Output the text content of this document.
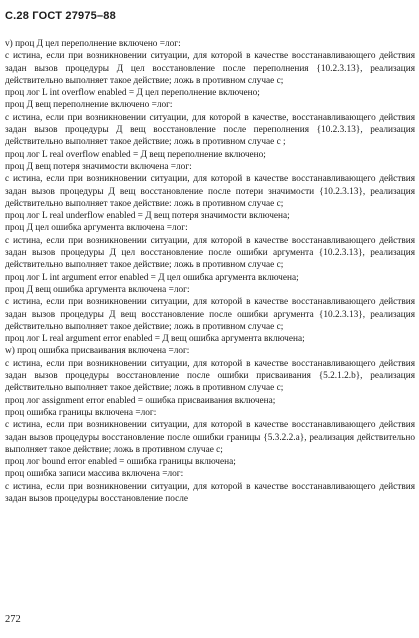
С.28 ГОСТ 27975–88

v) проц Д цел переполнение включено =лог:

с истина, если при возникновении ситуации, для которой в качестве восстанавливающего действия задан вызов процедуры Д цел восстановление после переполнения {10.2.3.13}, реализация действительно выполняет такое действие; ложь в противном случае с;

проц лог L int overflow enabled = Д цел переполнение включено;

проц Д вещ переполнение включено =лог:

с истина, если при возникновении ситуации, для которой в качестве, восстанавливающего действия задан вызов процедуры Д вещ восстановление после переполнения {10.2.3.13}, реализация действительно выполняет такое действие; ложь в противном случае с ;

проц лог L real overflow enabled = Д вещ переполнение включено;

проц Д вещ потеря значимости включена =лог:

с истина, если при возникновении ситуации, для которой в качестве восстанавливающего действия задан вызов процедуры Д вещ восстановление после потери значимости {10.2.3.13}, реализация действительно выполняет такое действие: ложь в противном случае с;

проц лог L real underflow enabled = Д вещ потеря значимости включена;

проц Д цел ошибка аргумента включена =лог:

с истина, если при возникновении ситуации, для которой в качестве восстанавливающего действия задан вызов процедуры Д цел восстановление после ошибки аргумента {10.2.3.13}, реализация действительно выполняет такое действие; ложь в противном случае с;

проц лог L int argument error enabled = Д цел ошибка аргумента включена;

проц Д вещ ошибка аргумента включена =лог:

с истина, если при возникновении ситуации, для которой в качестве восстанавливающего действия задан вызов процедуры Д вещ восстановление после ошибки аргумента {10.2.3.13}, реализация действительно выполняет такое действие; ложь в противном случае с;

проц лог L real argument error enabled = Д вещ ошибка аргумента включена;

w) проц ошибка присваивания включена =лог:

с истина, если при возникновении ситуации, для которой в качестве восстанавливающего действия задан вызов процедуры восстановление после ошибки присваивания {5.2.1.2.b}, реализация действительно выполняет такое действие; ложь в противном случае с;

проц лог assignment error enabled = ошибка присваивания включена;

проц ошибка границы включена =лог:

с истина, если при возникновении ситуации, для которой в качестве восстанавливающего действия задан вызов процедуры восстановление после ошибки границы {5.3.2.2.a}, реализация действительно выполняет такое действие; ложь в противном случае с;

проц лог bound error enabled = ошибка границы включена;

проц ошибка записи массива включена =лог:

с истина, если при возникновении ситуации, для которой в качестве восстанавливающего действия задан вызов процедуры восстановление после

272
